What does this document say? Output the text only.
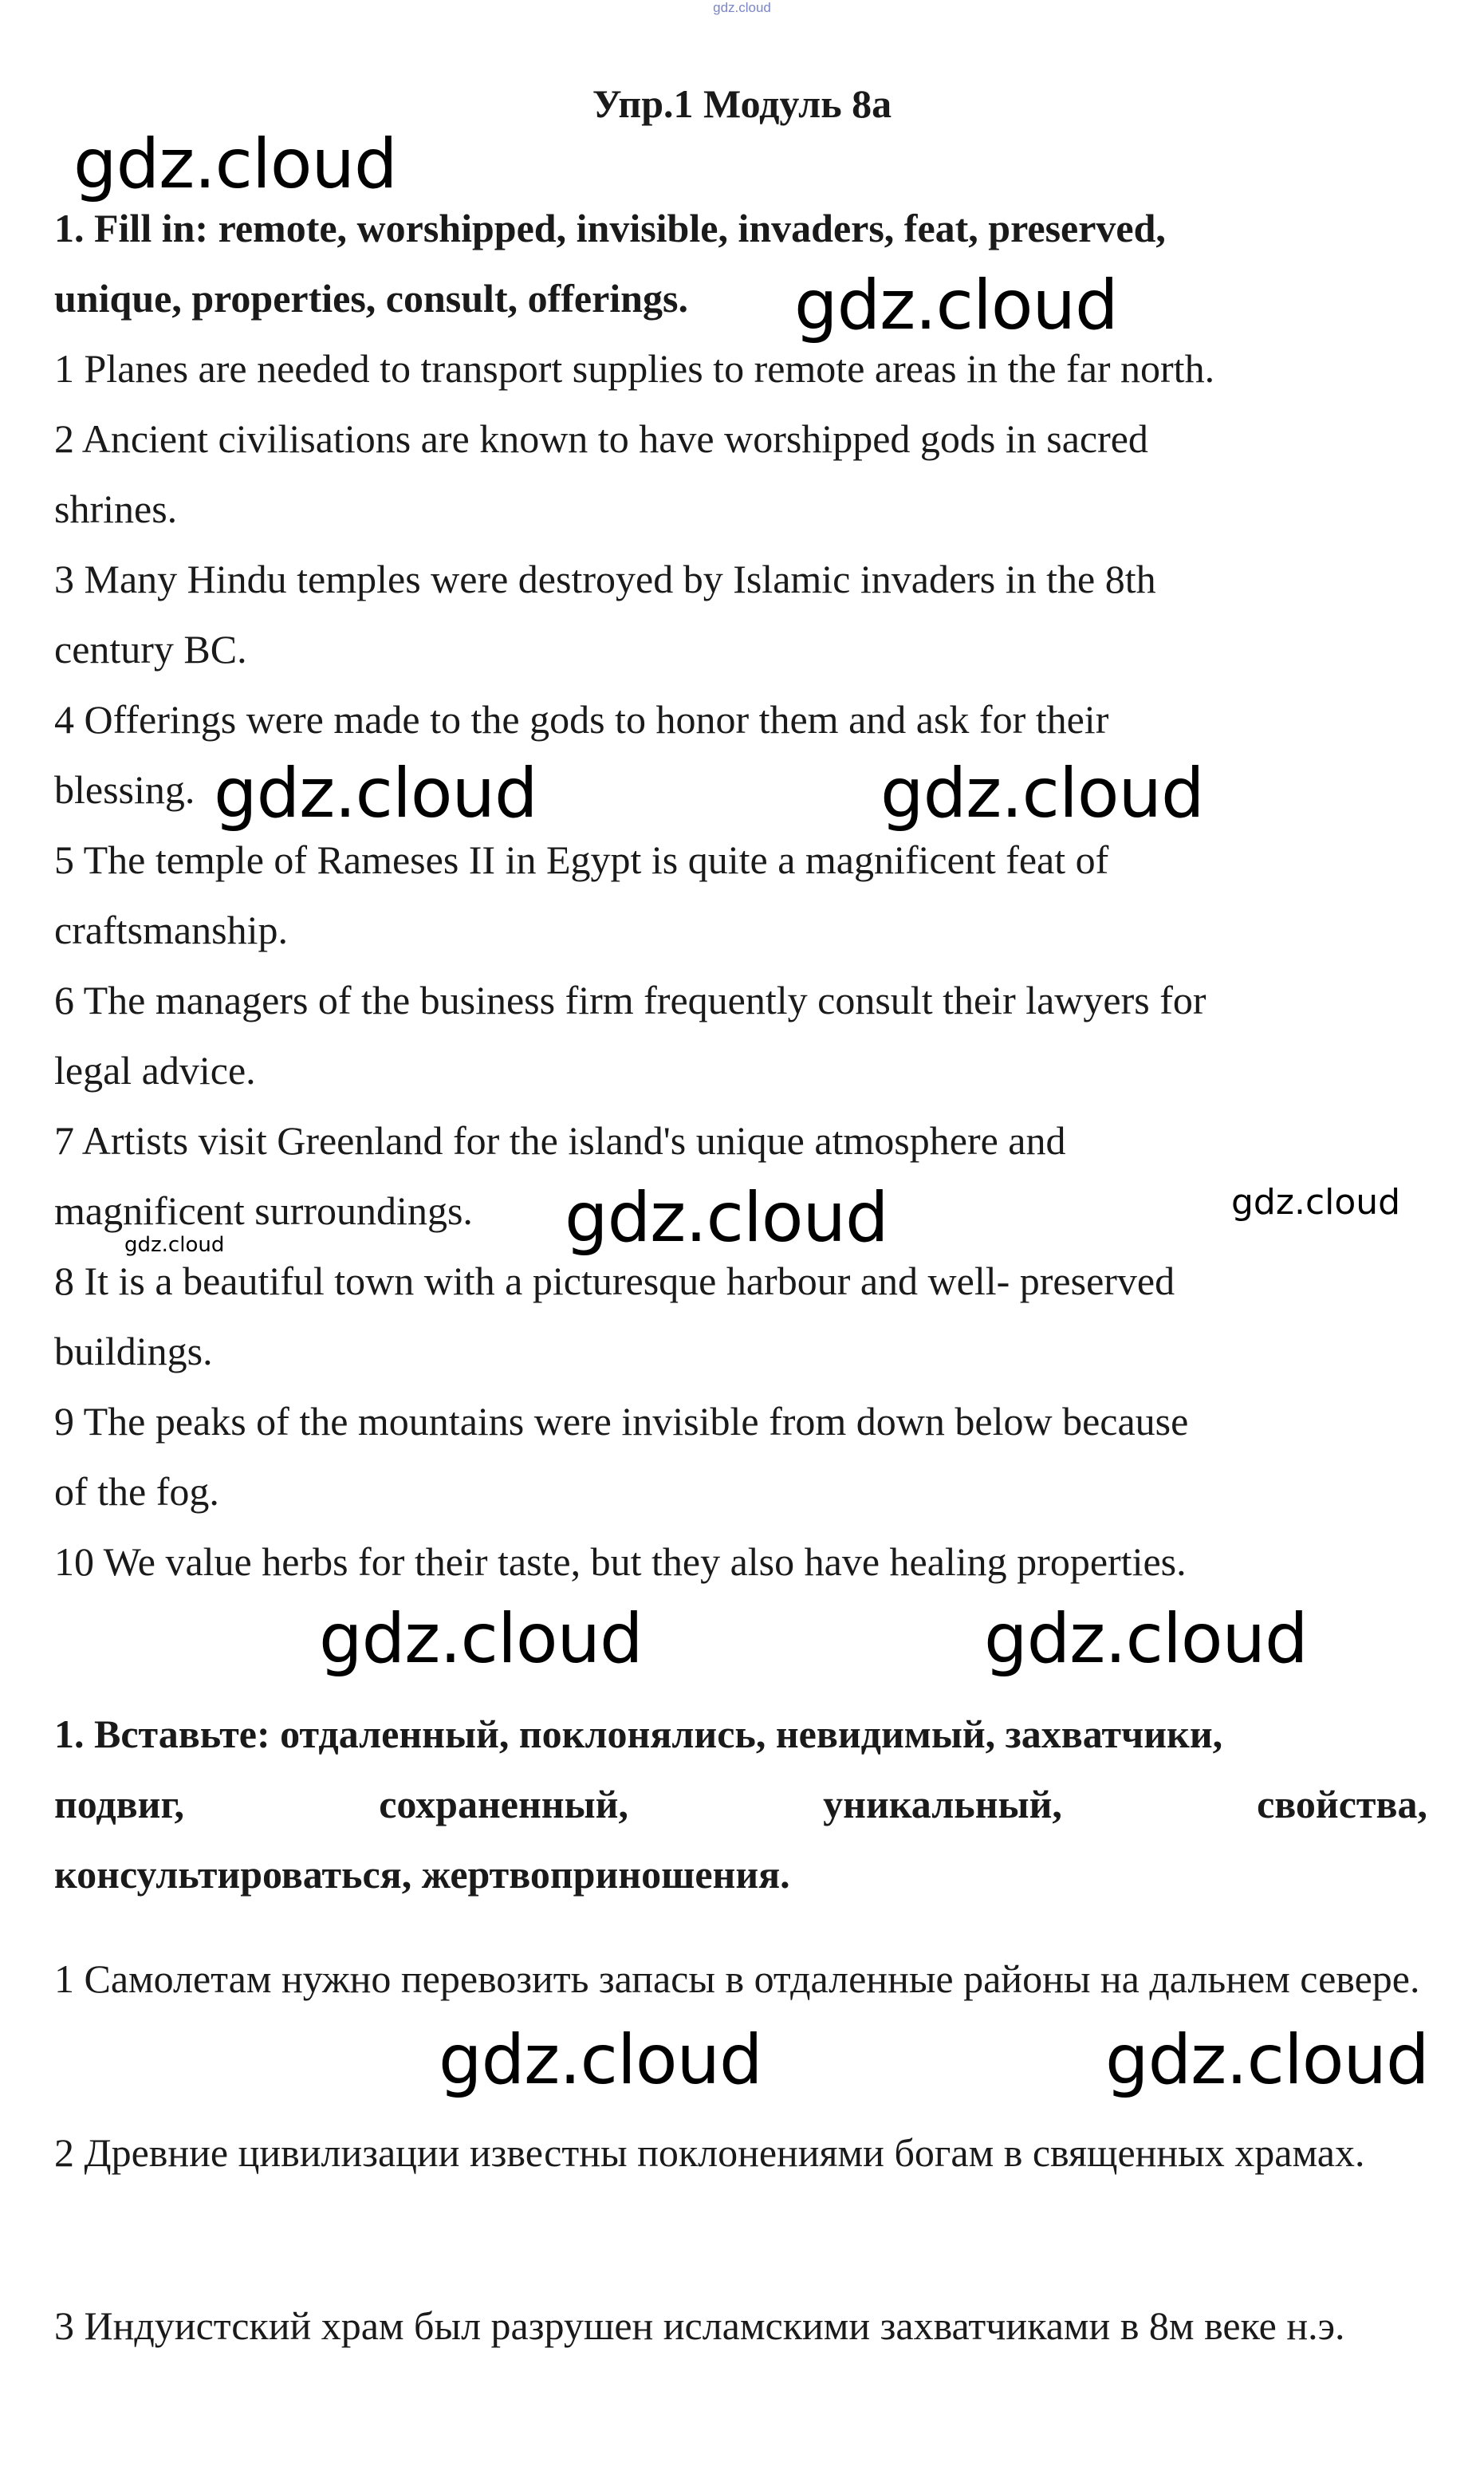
gdz.cloud
Упр.1 Модуль 8а

1. Fill in: remote, worshipped, invisible, invaders, feat, preserved,

unique, properties, consult, offerings.

1 Planes are needed to transport supplies to remote areas in the far north.

2 Ancient civilisations are known to have worshipped gods in sacred

shrines.

3 Many Hindu temples were destroyed by Islamic invaders in the 8th

century BC.

4 Offerings were made to the gods to honor them and ask for their

blessing.

5 The temple of Rameses II in Egypt is quite a magnificent feat of

craftsmanship.

6 The managers of the business firm frequently consult their lawyers for

legal advice.

7 Artists visit Greenland for the island's unique atmosphere and

magnificent surroundings.

8 It is a beautiful town with a picturesque harbour and well- preserved

buildings.

9 The peaks of the mountains were invisible from down below because

of the fog.

10 We value herbs for their taste, but they also have healing properties.

1. Вставьте: отдаленный, поклонялись, невидимый, захватчики,

подвиг, сохраненный, уникальный, свойства,

консультироваться, жертвоприношения.

1 Самолетам нужно перевозить запасы в отдаленные районы на дальнем севере.
2 Древние цивилизации известны поклонениями богам в священных храмах.
3 Индуистский храм был разрушен исламскими захватчиками в 8м веке н.э.
gdz.cloud
gdz.cloud
gdz.cloud	gdz.cloud
gdz.cloud	gdz.cloud
gdz.cloud
gdz.cloud	gdz.cloud
gdz.cloud	gdz.cloud
